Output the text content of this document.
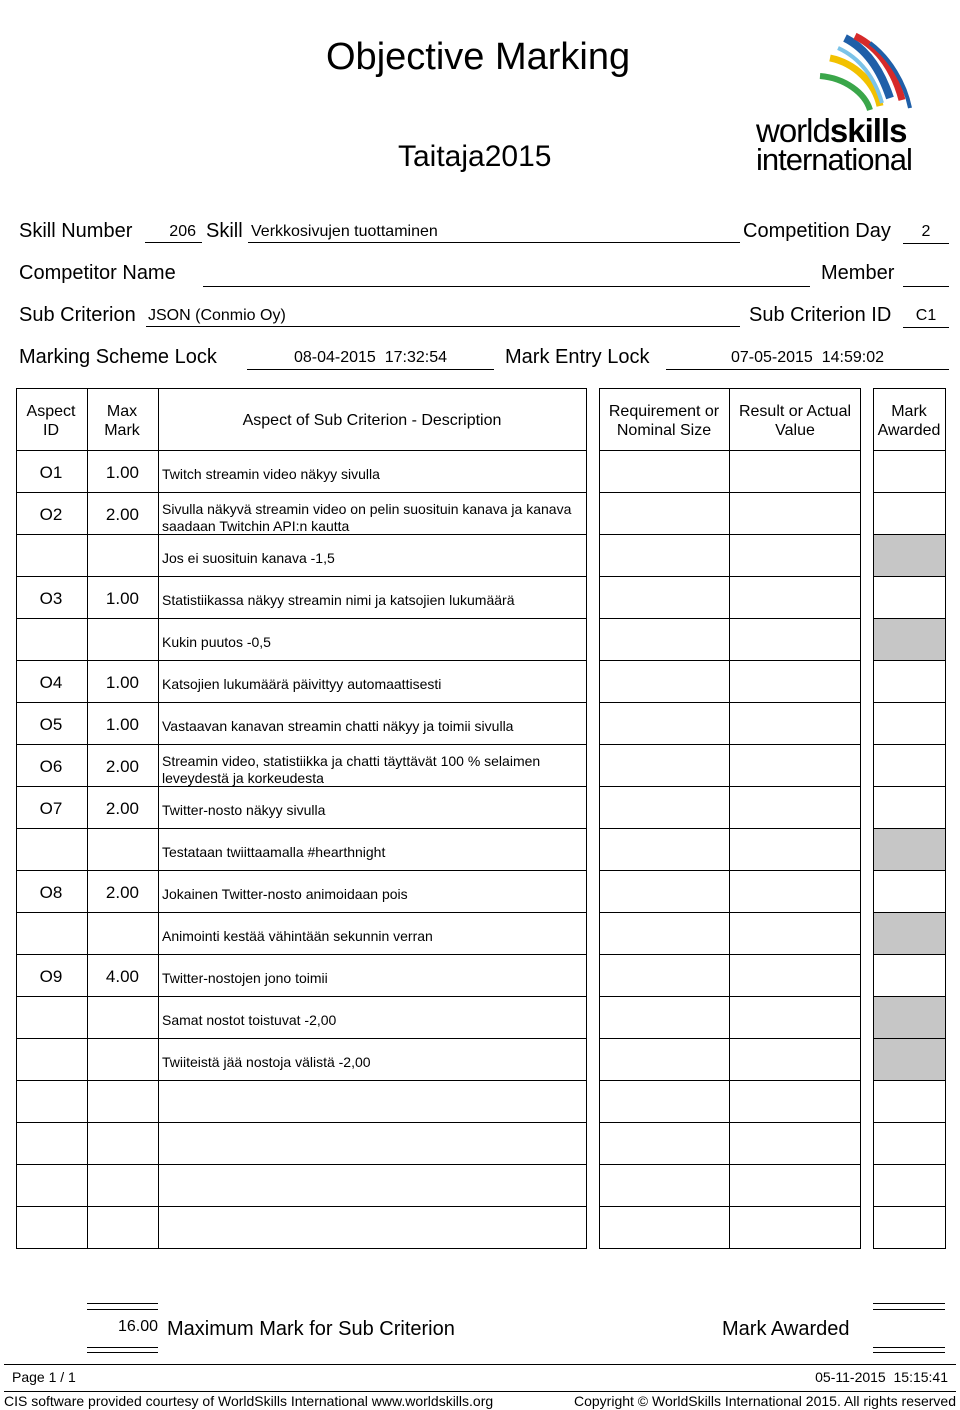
Objective Marking
Taitaja2015
worldskills
international
Skill Number	206 Skill Verkkosivujen tuottaminen	Competition Day	2
Competitor Name	Member
Sub Criterion JSON (Conmio Oy)	Sub Criterion ID	C1
Marking Scheme Lock	08-04-2015  17:32:54	Mark Entry Lock	07-05-2015  14:59:02
Aspect
ID
Max
Mark
Aspect of Sub Criterion - Description
Requirement or
Nominal Size
Result or Actual
Value
Mark
Awarded
O1	1.00 Twitch streamin video näkyy sivulla
O2	2.00 Sivulla näkyvä streamin video on pelin suosituin kanava ja kanava saadaan Twitchin API:n kautta
Jos ei suosituin kanava -1,5
O3	1.00 Statistiikassa näkyy streamin nimi ja katsojien lukumäärä
Kukin puutos -0,5
O4	1.00 Katsojien lukumäärä päivittyy automaattisesti
O5	1.00 Vastaavan kanavan streamin chatti näkyy ja toimii sivulla
O6	2.00 Streamin video, statistiikka ja chatti täyttävät 100 % selaimen leveydestä ja korkeudesta
O7	2.00 Twitter-nosto näkyy sivulla
Testataan twiittaamalla #hearthnight
O8	2.00 Jokainen Twitter-nosto animoidaan pois
Animointi kestää vähintään sekunnin verran
O9	4.00 Twitter-nostojen jono toimii
Samat nostot toistuvat -2,00
Twiiteistä jää nostoja välistä -2,00
16.00 Maximum Mark for Sub Criterion	Mark Awarded
Page 1 / 1	05-11-2015  15:15:41
CIS software provided courtesy of WorldSkills International www.worldskills.org	Copyright © WorldSkills International 2015. All rights reserved
